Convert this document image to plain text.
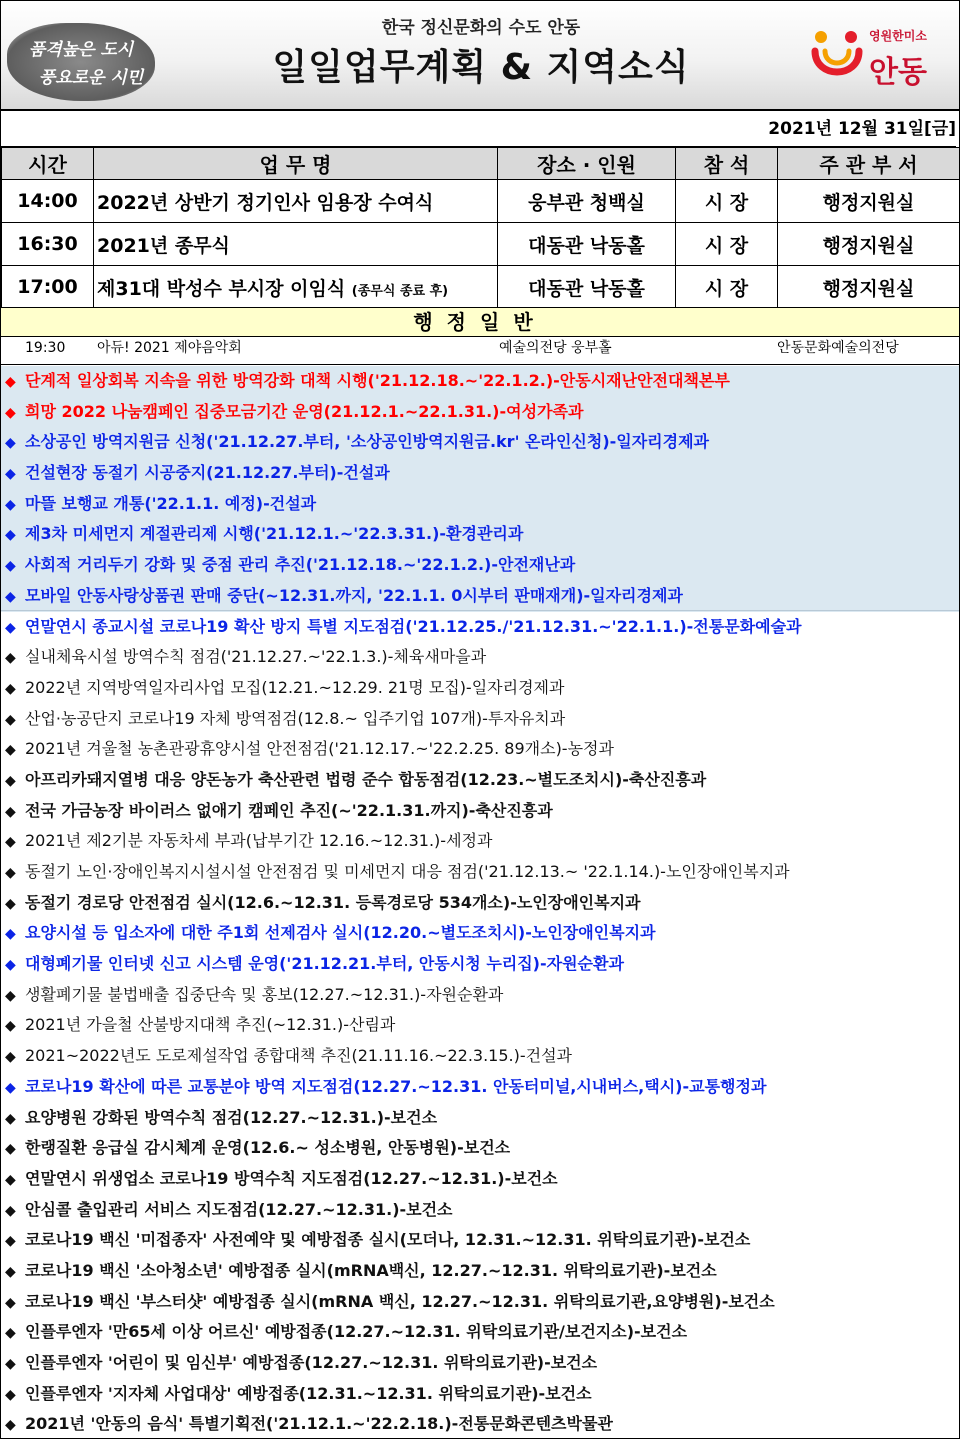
품격높은 도시
풍요로운 시민
한국 정신문화의 수도 안동
일일업무계획 & 지역소식
영원한미소
안동
2021년 12월 31일[금]
시간	업 무 명	장소 · 인원	참 석	주 관 부 서
14:00	2022년 상반기 정기인사 임용장 수여식	웅부관 청백실	시 장	행정지원실
16:30	2021년 종무식	대동관 낙동홀	시 장	행정지원실
17:00	제31대 박성수 부시장 이임식 (종무식 종료 후)	대동관 낙동홀	시 장	행정지원실
행정일반
19:30 아듀! 2021 제야음악회	예술의전당 웅부홀	안동문화예술의전당
◆ 단계적 일상회복 지속을 위한 방역강화 대책 시행('21.12.18.~'22.1.2.)-안동시재난안전대책본부
◆ 희망 2022 나눔캠페인 집중모금기간 운영(21.12.1.~22.1.31.)-여성가족과
◆ 소상공인 방역지원금 신청('21.12.27.부터, '소상공인방역지원금.kr' 온라인신청)-일자리경제과
◆ 건설현장 동절기 시공중지(21.12.27.부터)-건설과
◆ 마뜰 보행교 개통('22.1.1. 예정)-건설과
◆ 제3차 미세먼지 계절관리제 시행('21.12.1.~'22.3.31.)-환경관리과
◆ 사회적 거리두기 강화 및 중점 관리 추진('21.12.18.~'22.1.2.)-안전재난과
◆ 모바일 안동사랑상품권 판매 중단(~12.31.까지, '22.1.1. 0시부터 판매재개)-일자리경제과
◆ 연말연시 종교시설 코로나19 확산 방지 특별 지도점검('21.12.25./'21.12.31.~'22.1.1.)-전통문화예술과
◆ 실내체육시설 방역수칙 점검('21.12.27.~'22.1.3.)-체육새마을과
◆ 2022년 지역방역일자리사업 모집(12.21.~12.29. 21명 모집)-일자리경제과
◆ 산업·농공단지 코로나19 자체 방역점검(12.8.~ 입주기업 107개)-투자유치과
◆ 2021년 겨울철 농촌관광휴양시설 안전점검('21.12.17.~'22.2.25. 89개소)-농정과
◆ 아프리카돼지열병 대응 양돈농가 축산관련 법령 준수 합동점검(12.23.~별도조치시)-축산진흥과
◆ 전국 가금농장 바이러스 없애기 캠페인 추진(~'22.1.31.까지)-축산진흥과
◆ 2021년 제2기분 자동차세 부과(납부기간 12.16.~12.31.)-세정과
◆ 동절기 노인·장애인복지시설시설 안전점검 및 미세먼지 대응 점검('21.12.13.~ '22.1.14.)-노인장애인복지과
◆ 동절기 경로당 안전점검 실시(12.6.~12.31. 등록경로당 534개소)-노인장애인복지과
◆ 요양시설 등 입소자에 대한 주1회 선제검사 실시(12.20.~별도조치시)-노인장애인복지과
◆ 대형폐기물 인터넷 신고 시스템 운영('21.12.21.부터, 안동시청 누리집)-자원순환과
◆ 생활폐기물 불법배출 집중단속 및 홍보(12.27.~12.31.)-자원순환과
◆ 2021년 가을철 산불방지대책 추진(~12.31.)-산림과
◆ 2021~2022년도 도로제설작업 종합대책 추진(21.11.16.~22.3.15.)-건설과
◆ 코로나19 확산에 따른 교통분야 방역 지도점검(12.27.~12.31. 안동터미널,시내버스,택시)-교통행정과
◆ 요양병원 강화된 방역수칙 점검(12.27.~12.31.)-보건소
◆ 한랭질환 응급실 감시체계 운영(12.6.~ 성소병원, 안동병원)-보건소
◆ 연말연시 위생업소 코로나19 방역수칙 지도점검(12.27.~12.31.)-보건소
◆ 안심콜 출입관리 서비스 지도점검(12.27.~12.31.)-보건소
◆ 코로나19 백신 '미접종자' 사전예약 및 예방접종 실시(모더나, 12.31.~12.31. 위탁의료기관)-보건소
◆ 코로나19 백신 '소아청소년' 예방접종 실시(mRNA백신, 12.27.~12.31. 위탁의료기관)-보건소
◆ 코로나19 백신 '부스터샷' 예방접종 실시(mRNA 백신, 12.27.~12.31. 위탁의료기관,요양병원)-보건소
◆ 인플루엔자 '만65세 이상 어르신' 예방접종(12.27.~12.31. 위탁의료기관/보건지소)-보건소
◆ 인플루엔자 '어린이 및 임신부' 예방접종(12.27.~12.31. 위탁의료기관)-보건소
◆ 인플루엔자 '지자체 사업대상' 예방접종(12.31.~12.31. 위탁의료기관)-보건소
◆ 2021년 '안동의 음식' 특별기획전('21.12.1.~'22.2.18.)-전통문화콘텐츠박물관
